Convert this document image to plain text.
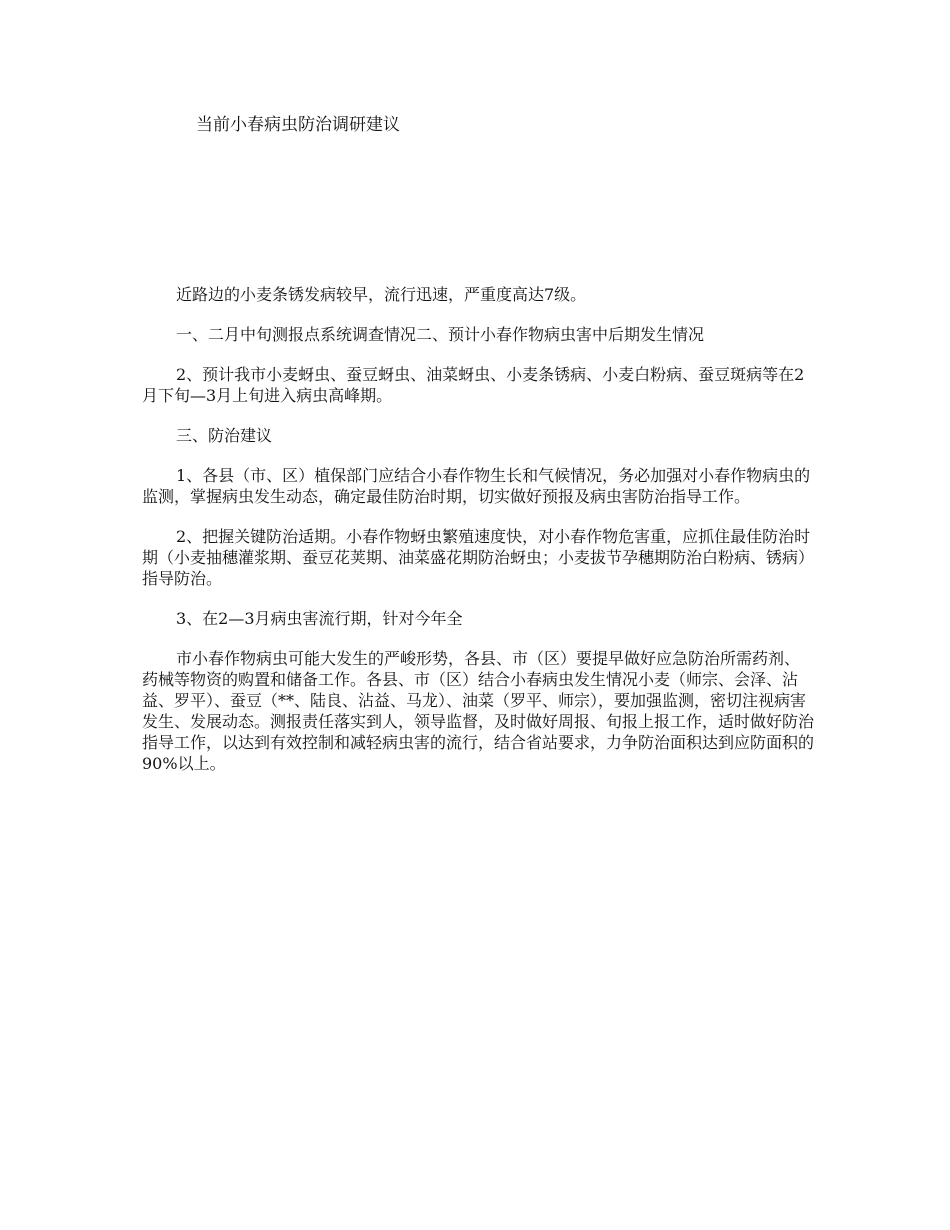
当前小春病虫防治调研建议

近路边的小麦条锈发病较早，流行迅速，严重度高达7级。

一、二月中旬测报点系统调查情况二、预计小春作物病虫害中后期发生情况

2、预计我市小麦蚜虫、蚕豆蚜虫、油菜蚜虫、小麦条锈病、小麦白粉病、蚕豆斑病等在2月下旬—3月上旬进入病虫高峰期。

三、防治建议

1、各县（市、区）植保部门应结合小春作物生长和气候情况，务必加强对小春作物病虫的监测，掌握病虫发生动态，确定最佳防治时期，切实做好预报及病虫害防治指导工作。

2、把握关键防治适期。小春作物蚜虫繁殖速度快，对小春作物危害重，应抓住最佳防治时期（小麦抽穗灌浆期、蚕豆花荚期、油菜盛花期防治蚜虫；小麦拔节孕穗期防治白粉病、锈病）指导防治。

3、在2—3月病虫害流行期，针对今年全

市小春作物病虫可能大发生的严峻形势，各县、市（区）要提早做好应急防治所需药剂、药械等物资的购置和储备工作。各县、市（区）结合小春病虫发生情况小麦（师宗、会泽、沾益、罗平）、蚕豆（**、陆良、沾益、马龙）、油菜（罗平、师宗），要加强监测，密切注视病害发生、发展动态。测报责任落实到人，领导监督，及时做好周报、旬报上报工作，适时做好防治指导工作，以达到有效控制和减轻病虫害的流行，结合省站要求，力争防治面积达到应防面积的90%以上。
